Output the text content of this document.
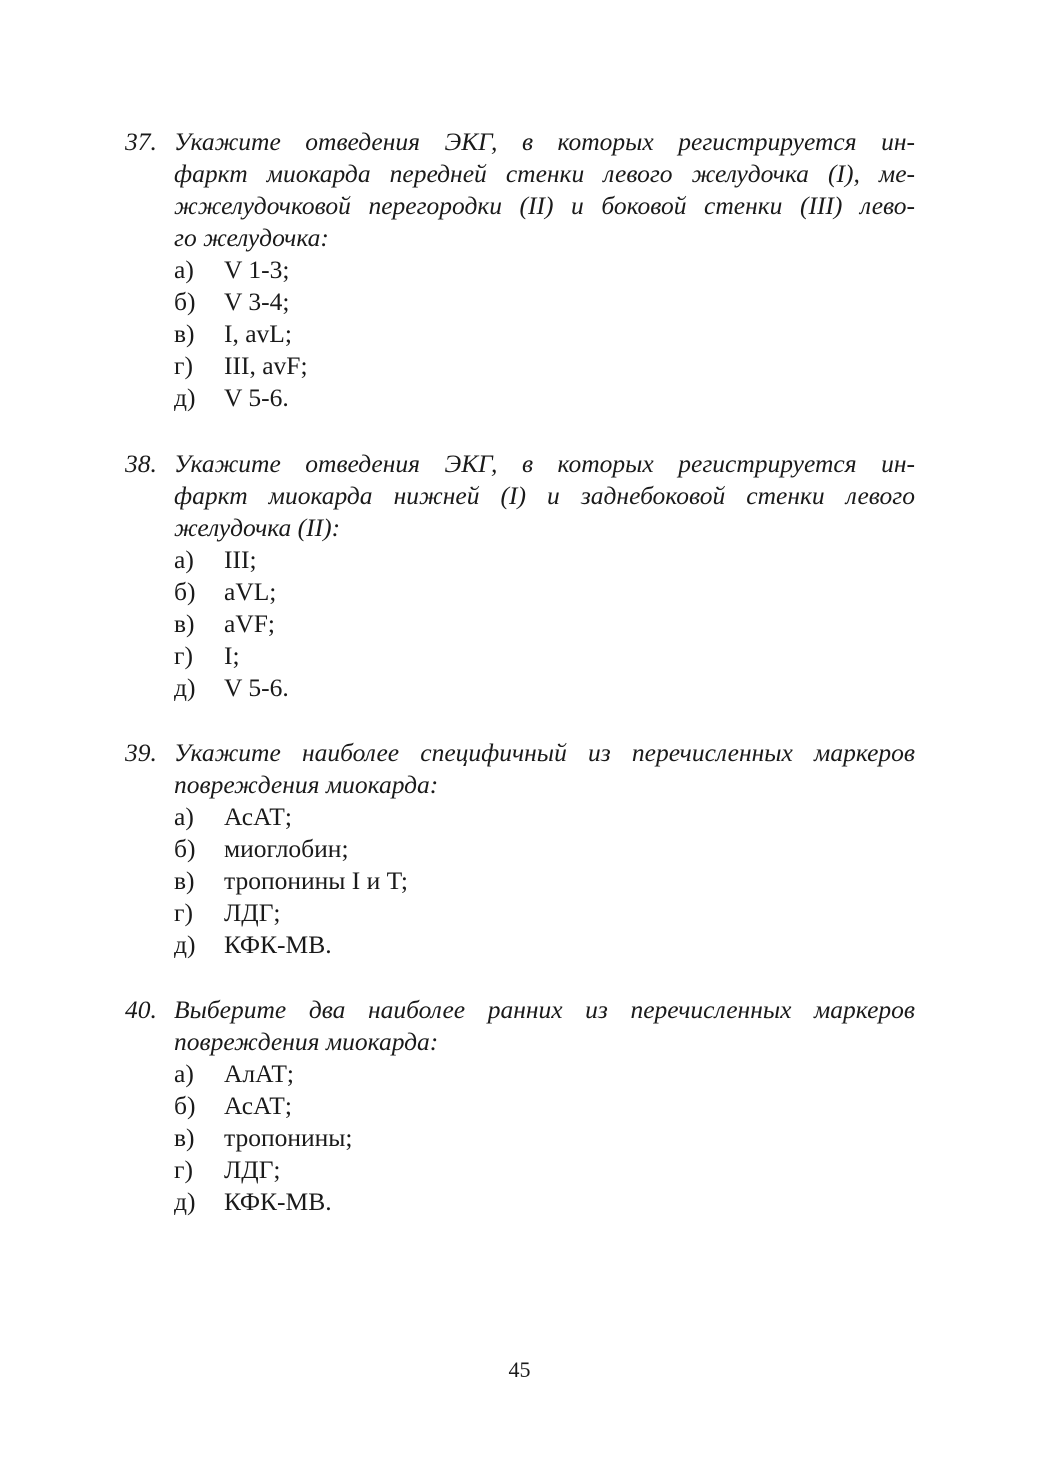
37. Укажите отведения ЭКГ, в которых регистрируется ин-
фаркт миокарда передней стенки левого желудочка (I), ме-
жжелудочковой перегородки (II) и боковой стенки (III) лево-
го желудочка:
а) V 1-3;
б) V 3-4;
в) I, avL;
г) III, avF;
д) V 5-6.
38. Укажите отведения ЭКГ, в которых регистрируется ин-
фаркт миокарда нижней (I) и заднебоковой стенки левого
желудочка (II):
а) III;
б) aVL;
в) aVF;
г) I;
д) V 5-6.
39. Укажите наиболее специфичный из перечисленных маркеров
повреждения миокарда:
а) АсАТ;
б) миоглобин;
в) тропонины I и T;
г) ЛДГ;
д) КФК-МВ.
40. Выберите два наиболее ранних из перечисленных маркеров
повреждения миокарда:
а) АлАТ;
б) АсАТ;
в) тропонины;
г) ЛДГ;
д) КФК-МВ.
45
